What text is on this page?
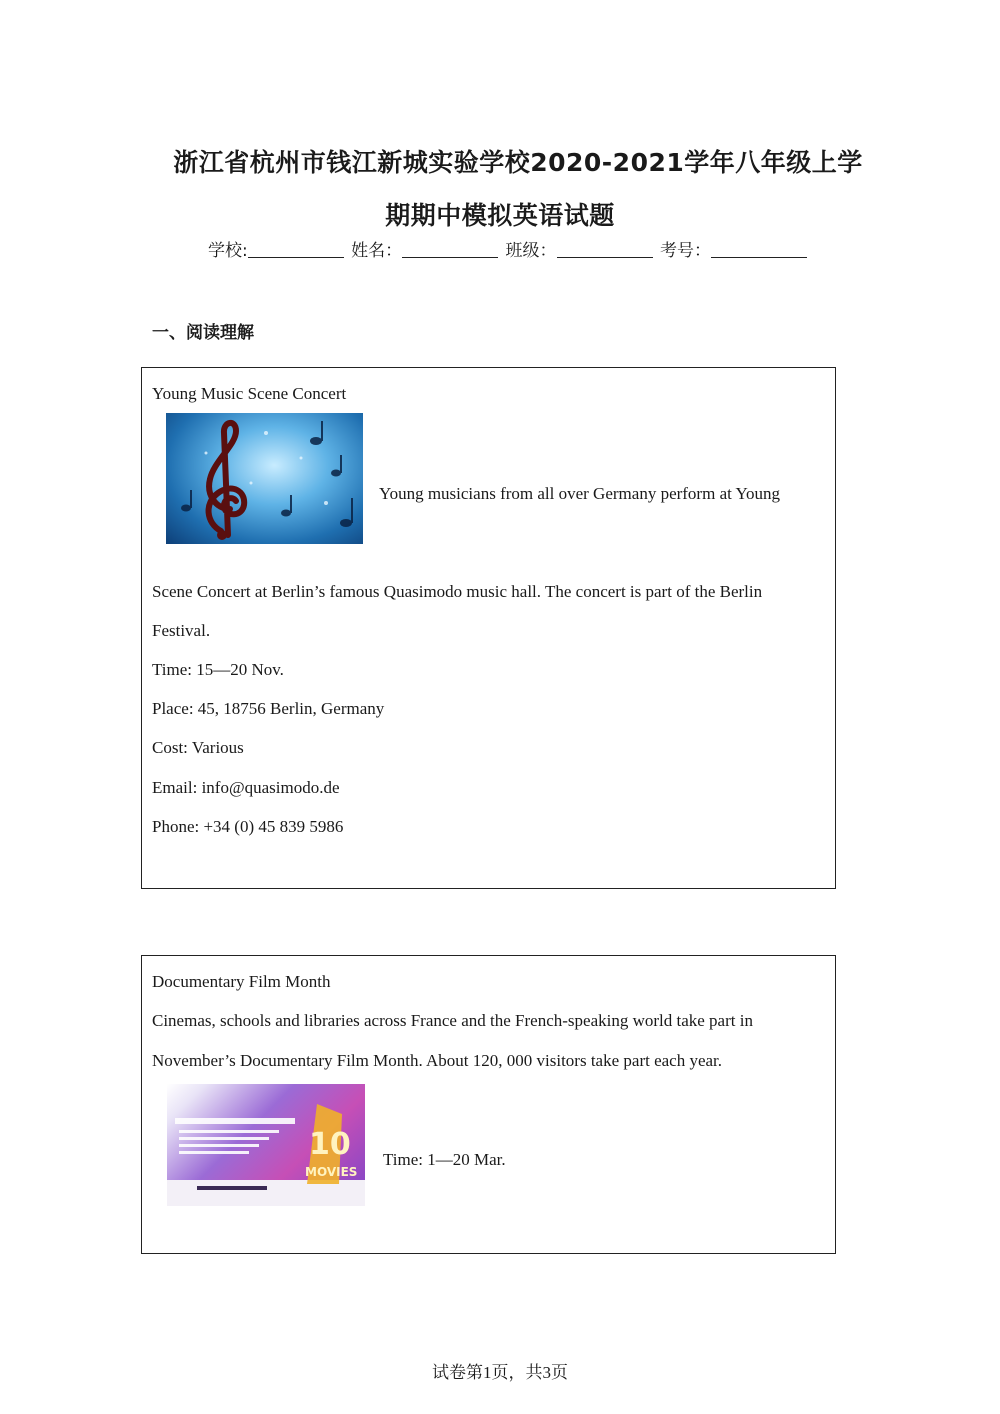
浙江省杭州市钱江新城实验学校2020-2021学年八年级上学
期期中模拟英语试题
学校:	姓名：	班级：	考号：
一、阅读理解
Young Music Scene Concert
Young musicians from all over Germany perform at Young
Scene Concert at Berlin’s famous Quasimodo music hall. The concert is part of the Berlin
Festival.
Time: 15—20 Nov.
Place: 45, 18756 Berlin, Germany
Cost: Various
Email: info@quasimodo.de
Phone: +34 (0) 45 839 5986
Documentary Film Month
Cinemas, schools and libraries across France and the French-speaking world take part in
November’s Documentary Film Month. About 120, 000 visitors take part each year.
10
MOVIES
Time: 1—20 Mar.
试卷第1页，共3页
